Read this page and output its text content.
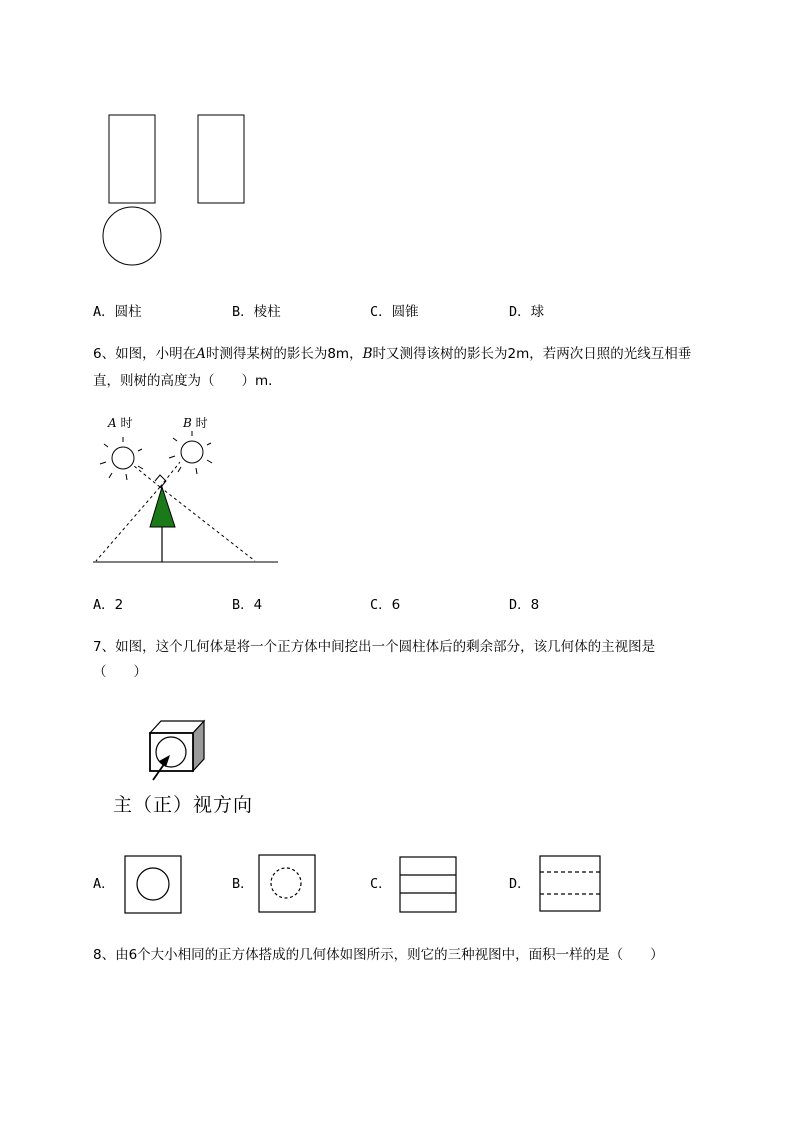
A．圆柱	B．棱柱	C．圆锥	D．球
6、如图，小明在A时测得某树的影长为8m，B时又测得该树的影长为2m，若两次日照的光线互相垂
直，则树的高度为（　　）m．
A 时	B 时
A．2	B．4	C．6	D．8
7、如图，这个几何体是将一个正方体中间挖出一个圆柱体后的剩余部分，该几何体的主视图是
（　　）
主（正）视方向
A．	B．	C．	D．
8、由6个大小相同的正方体搭成的几何体如图所示，则它的三种视图中，面积一样的是（　　）
